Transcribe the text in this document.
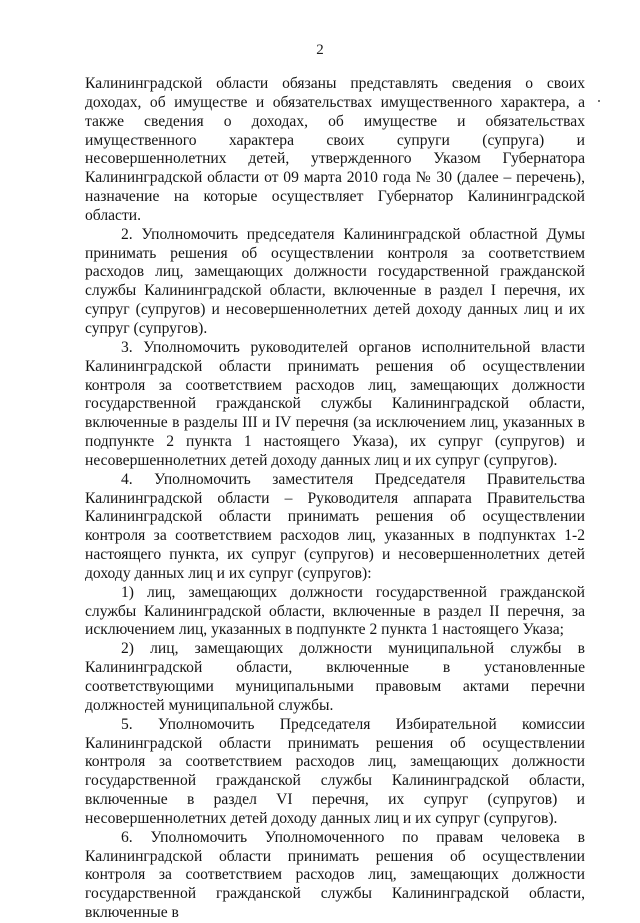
2

Калининградской области обязаны представлять сведения о своих доходах, об имуществе и обязательствах имущественного характера, а также сведения о доходах, об имуществе и обязательствах имущественного характера своих супруги (супруга) и несовершеннолетних детей, утвержденного Указом Губернатора Калининградской области от 09 марта 2010 года № 30 (далее – перечень), назначение на которые осуществляет Губернатор Калининградской области.

2. Уполномочить председателя Калининградской областной Думы принимать решения об осуществлении контроля за соответствием расходов лиц, замещающих должности государственной гражданской службы Калининградской области, включенные в раздел I перечня, их супруг (супругов) и несовершеннолетних детей доходу данных лиц и их супруг (супругов).

3. Уполномочить руководителей органов исполнительной власти Калининградской области принимать решения об осуществлении контроля за соответствием расходов лиц, замещающих должности государственной гражданской службы Калининградской области, включенные в разделы III и IV перечня (за исключением лиц, указанных в подпункте 2 пункта 1 настоящего Указа), их супруг (супругов) и несовершеннолетних детей доходу данных лиц и их супруг (супругов).

4. Уполномочить заместителя Председателя Правительства Калининградской области – Руководителя аппарата Правительства Калининградской области принимать решения об осуществлении контроля за соответствием расходов лиц, указанных в подпунктах 1-2 настоящего пункта, их супруг (супругов) и несовершеннолетних детей доходу данных лиц и их супруг (супругов):

1) лиц, замещающих должности государственной гражданской службы Калининградской области, включенные в раздел II перечня, за исключением лиц, указанных в подпункте 2 пункта 1 настоящего Указа;

2) лиц, замещающих должности муниципальной службы в Калининградской области, включенные в установленные соответствующими муниципальными правовым актами перечни должностей муниципальной службы.

5. Уполномочить Председателя Избирательной комиссии Калининградской области принимать решения об осуществлении контроля за соответствием расходов лиц, замещающих должности государственной гражданской службы Калининградской области, включенные в раздел VI перечня, их супруг (супругов) и несовершеннолетних детей доходу данных лиц и их супруг (супругов).

6. Уполномочить Уполномоченного по правам человека в Калининградской области принимать решения об осуществлении контроля за соответствием расходов лиц, замещающих должности государственной гражданской службы Калининградской области, включенные в
